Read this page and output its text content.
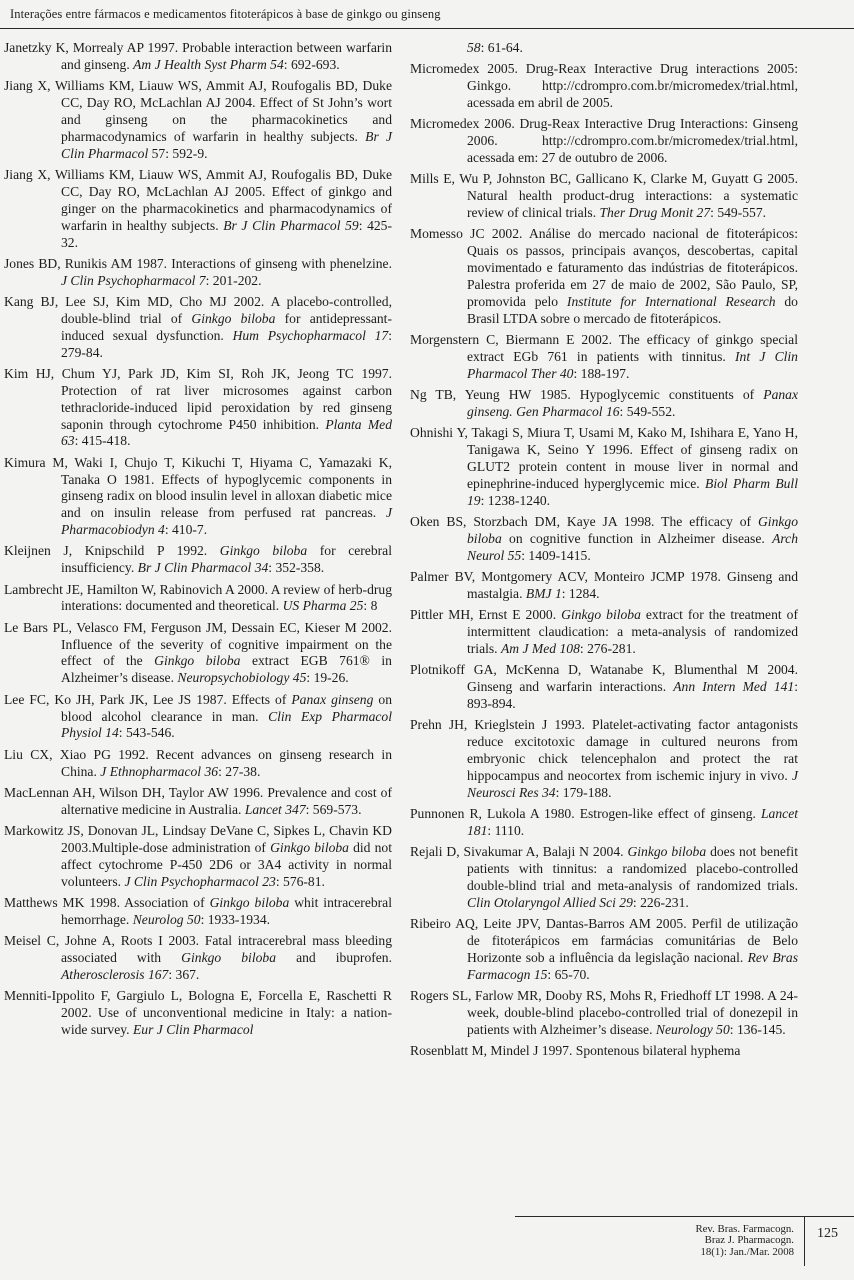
Interações entre fármacos e medicamentos fitoterápicos à base de ginkgo ou ginseng

Janetzky K, Morrealy AP 1997. Probable interaction between warfarin and ginseng. Am J Health Syst Pharm 54: 692-693.

Jiang X, Williams KM, Liauw WS, Ammit AJ, Roufogalis BD, Duke CC, Day RO, McLachlan AJ 2004. Effect of St John’s wort and ginseng on the pharmacokinetics and pharmacodynamics of warfarin in healthy subjects. Br J Clin Pharmacol 57: 592-9.

Jiang X, Williams KM, Liauw WS, Ammit AJ, Roufogalis BD, Duke CC, Day RO, McLachlan AJ 2005. Effect of ginkgo and ginger on the pharmacokinetics and pharmacodynamics of warfarin in healthy subjects. Br J Clin Pharmacol 59: 425-32.

Jones BD, Runikis AM 1987. Interactions of ginseng with phenelzine. J Clin Psychopharmacol 7: 201-202.

Kang BJ, Lee SJ, Kim MD, Cho MJ 2002. A placebo-controlled, double-blind trial of Ginkgo biloba for antidepressant-induced sexual dysfunction. Hum Psychopharmacol 17: 279-84.

Kim HJ, Chum YJ, Park JD, Kim SI, Roh JK, Jeong TC 1997. Protection of rat liver microsomes against carbon tethracloride-induced lipid peroxidation by red ginseng saponin through cytochrome P450 inhibition. Planta Med 63: 415-418.

Kimura M, Waki I, Chujo T, Kikuchi T, Hiyama C, Yamazaki K, Tanaka O 1981. Effects of hypoglycemic components in ginseng radix on blood insulin level in alloxan diabetic mice and on insulin release from perfused rat pancreas. J Pharmacobiodyn 4: 410-7.

Kleijnen J, Knipschild P 1992. Ginkgo biloba for cerebral insufficiency. Br J Clin Pharmacol 34: 352-358.

Lambrecht JE, Hamilton W, Rabinovich A 2000. A review of herb-drug interations: documented and theoretical. US Pharma 25: 8

Le Bars PL, Velasco FM, Ferguson JM, Dessain EC, Kieser M 2002. Influence of the severity of cognitive impairment on the effect of the Ginkgo biloba extract EGB 761® in Alzheimer’s disease. Neuropsychobiology 45: 19-26.

Lee FC, Ko JH, Park JK, Lee JS 1987. Effects of Panax ginseng on blood alcohol clearance in man. Clin Exp Pharmacol Physiol 14: 543-546.

Liu CX, Xiao PG 1992. Recent advances on ginseng research in China. J Ethnopharmacol 36: 27-38.

MacLennan AH, Wilson DH, Taylor AW 1996. Prevalence and cost of alternative medicine in Australia. Lancet 347: 569-573.

Markowitz JS, Donovan JL, Lindsay DeVane C, Sipkes L, Chavin KD 2003.Multiple-dose administration of Ginkgo biloba did not affect cytochrome P-450 2D6 or 3A4 activity in normal volunteers. J Clin Psychopharmacol 23: 576-81.

Matthews MK 1998. Association of Ginkgo biloba whit intracerebral hemorrhage. Neurolog 50: 1933-1934.

Meisel C, Johne A, Roots I 2003. Fatal intracerebral mass bleeding associated with Ginkgo biloba and ibuprofen. Atherosclerosis 167: 367.

Menniti-Ippolito F, Gargiulo L, Bologna E, Forcella E, Raschetti R 2002. Use of unconventional medicine in Italy: a nation-wide survey. Eur J Clin Pharmacol

58: 61-64.

Micromedex 2005. Drug-Reax Interactive Drug interactions 2005: Ginkgo. http://cdrompro.com.br/micromedex/trial.html, acessada em abril de 2005.

Micromedex 2006. Drug-Reax Interactive Drug Interactions: Ginseng 2006. http://cdrompro.com.br/micromedex/trial.html, acessada em: 27 de outubro de 2006.

Mills E, Wu P, Johnston BC, Gallicano K, Clarke M, Guyatt G 2005. Natural health product-drug interactions: a systematic review of clinical trials. Ther Drug Monit 27: 549-557.

Momesso JC 2002. Análise do mercado nacional de fitoterápicos: Quais os passos, principais avanços, descobertas, capital movimentado e faturamento das indústrias de fitoterápicos. Palestra proferida em 27 de maio de 2002, São Paulo, SP, promovida pelo Institute for International Research do Brasil LTDA sobre o mercado de fitoterápicos.

Morgenstern C, Biermann E 2002. The efficacy of ginkgo special extract EGb 761 in patients with tinnitus. Int J Clin Pharmacol Ther 40: 188-197.

Ng TB, Yeung HW 1985. Hypoglycemic constituents of Panax ginseng. Gen Pharmacol 16: 549-552.

Ohnishi Y, Takagi S, Miura T, Usami M, Kako M, Ishihara E, Yano H, Tanigawa K, Seino Y 1996. Effect of ginseng radix on GLUT2 protein content in mouse liver in normal and epinephrine-induced hyperglycemic mice. Biol Pharm Bull 19: 1238-1240.

Oken BS, Storzbach DM, Kaye JA 1998. The efficacy of Ginkgo biloba on cognitive function in Alzheimer disease. Arch Neurol 55: 1409-1415.

Palmer BV, Montgomery ACV, Monteiro JCMP 1978. Ginseng and mastalgia. BMJ 1: 1284.

Pittler MH, Ernst E 2000. Ginkgo biloba extract for the treatment of intermittent claudication: a meta-analysis of randomized trials. Am J Med 108: 276-281.

Plotnikoff GA, McKenna D, Watanabe K, Blumenthal M 2004. Ginseng and warfarin interactions. Ann Intern Med 141: 893-894.

Prehn JH, Krieglstein J 1993. Platelet-activating factor antagonists reduce excitotoxic damage in cultured neurons from embryonic chick telencephalon and protect the rat hippocampus and neocortex from ischemic injury in vivo. J Neurosci Res 34: 179-188.

Punnonen R, Lukola A 1980. Estrogen-like effect of ginseng. Lancet 181: 1110.

Rejali D, Sivakumar A, Balaji N 2004. Ginkgo biloba does not benefit patients with tinnitus: a randomized placebo-controlled double-blind trial and meta-analysis of randomized trials. Clin Otolaryngol Allied Sci 29: 226-231.

Ribeiro AQ, Leite JPV, Dantas-Barros AM 2005. Perfil de utilização de fitoterápicos em farmácias comunitárias de Belo Horizonte sob a influência da legislação nacional. Rev Bras Farmacogn 15: 65-70.

Rogers SL, Farlow MR, Dooby RS, Mohs R, Friedhoff LT 1998. A 24-week, double-blind placebo-controlled trial of donezepil in patients with Alzheimer’s disease. Neurology 50: 136-145.

Rosenblatt M, Mindel J 1997. Spontenous bilateral hyphema

Rev. Bras. Farmacogn.
Braz J. Pharmacogn.
18(1): Jan./Mar. 2008
125
